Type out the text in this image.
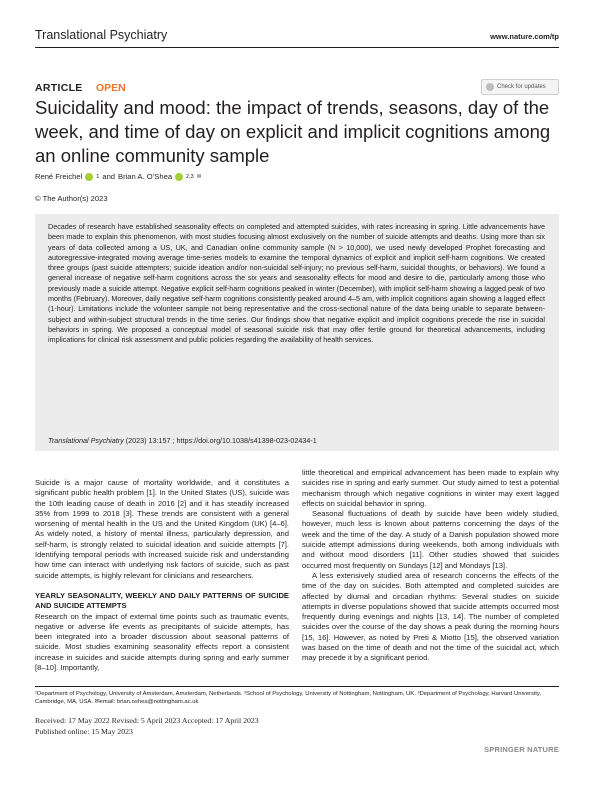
Translational Psychiatry	www.nature.com/tp
ARTICLE OPEN	Check for updates
Suicidality and mood: the impact of trends, seasons, day of the week, and time of day on explicit and implicit cognitions among an online community sample
René Freichel	1 and Brian A. O’Shea	2,3 ✉
© The Author(s) 2023
Decades of research have established seasonality effects on completed and attempted suicides, with rates increasing in spring. Little advancements have been made to explain this phenomenon, with most studies focusing almost exclusively on the number of suicide attempts and deaths. Using more than six years of data collected among a US, UK, and Canadian online community sample (N > 10,000), we used newly developed Prophet forecasting and autoregressive-integrated moving average time-series models to examine the temporal dynamics of explicit and implicit self-harm cognitions. We created three groups (past suicide attempters; suicide ideation and/or non-suicidal self-injury; no previous self-harm, suicidal thoughts, or behaviors). We found a general increase of negative self-harm cognitions across the six years and seasonality effects for mood and desire to die, particularly among those who previously made a suicide attempt. Negative explicit self-harm cognitions peaked in winter (December), with implicit self-harm showing a lagged peak of two months (February). Moreover, daily negative self-harm cognitions consistently peaked around 4–5 am, with implicit cognitions again showing a lagged effect (1-hour). Limitations include the volunteer sample not being representative and the cross-sectional nature of the data being unable to separate between-subject and within-subject structural trends in the time series. Our findings show that negative explicit and implicit cognitions precede the rise in suicidal behaviors in spring. We proposed a conceptual model of seasonal suicide risk that may offer fertile ground for theoretical advancements, including implications for clinical risk assessment and public policies regarding the availability of health services.
Translational Psychiatry (2023) 13:157 ; https://doi.org/10.1038/s41398-023-02434-1

Suicide is a major cause of mortality worldwide, and it constitutes a significant public health problem [1]. In the United States (US), suicide was the 10th leading cause of death in 2016 [2] and it has steadily increased 35% from 1999 to 2018 [3]. These trends are consistent with a general worsening of mental health in the US and the United Kingdom (UK) [4–6]. As widely noted, a history of mental illness, particularly depression, and self-harm, is strongly related to suicidal ideation and suicide attempts [7]. Identifying temporal periods with increased suicide risk and understanding how time can interact with underlying risk factors of suicide, such as past suicide attempts, is highly relevant for clinicians and researchers.

YEARLY SEASONALITY, WEEKLY AND DAILY PATTERNS OF SUICIDE AND SUICIDE ATTEMPTS

Research on the impact of external time points such as traumatic events, negative or adverse life events as precipitants of suicide attempts, has been integrated into a broader discussion about seasonal patterns of suicide. Most studies examining seasonality effects report a consistent increase in suicides and suicide attempts during spring and early summer [8–10]. Importantly,

little theoretical and empirical advancement has been made to explain why suicides rise in spring and early summer. Our study aimed to test a potential mechanism through which negative cognitions in winter may exert lagged effects on suicidal behavior in spring.

Seasonal fluctuations of death by suicide have been widely studied, however, much less is known about patterns concerning the days of the week and the time of the day. A study of a Danish population showed more suicide attempt admissions during weekends, both among individuals with and without mood disorders [11]. Other studies showed that suicides occurred most frequently on Sundays [12] and Mondays [13].

A less extensively studied area of research concerns the effects of the time of the day on suicides. Both attempted and completed suicides are affected by diurnal and circadian rhythms: Several studies on suicide attempts in diverse populations showed that suicide attempts occurred most frequently during evenings and nights [13, 14]. The number of completed suicides over the course of the day shows a peak during the morning hours [15, 16]. However, as noted by Preti & Miotto [15], the observed variation was based on the time of death and not the time of the suicidal act, which may precede it by a significant period.

¹Department of Psychology, University of Amsterdam, Amsterdam, Netherlands. ²School of Psychology, University of Nottingham, Nottingham, UK. ³Department of Psychology, Harvard University, Cambridge, MA, USA. ✉email: brian.oshea@nottingham.ac.uk
Received: 17 May 2022 Revised: 5 April 2023 Accepted: 17 April 2023
Published online: 15 May 2023
SPRINGER NATURE
